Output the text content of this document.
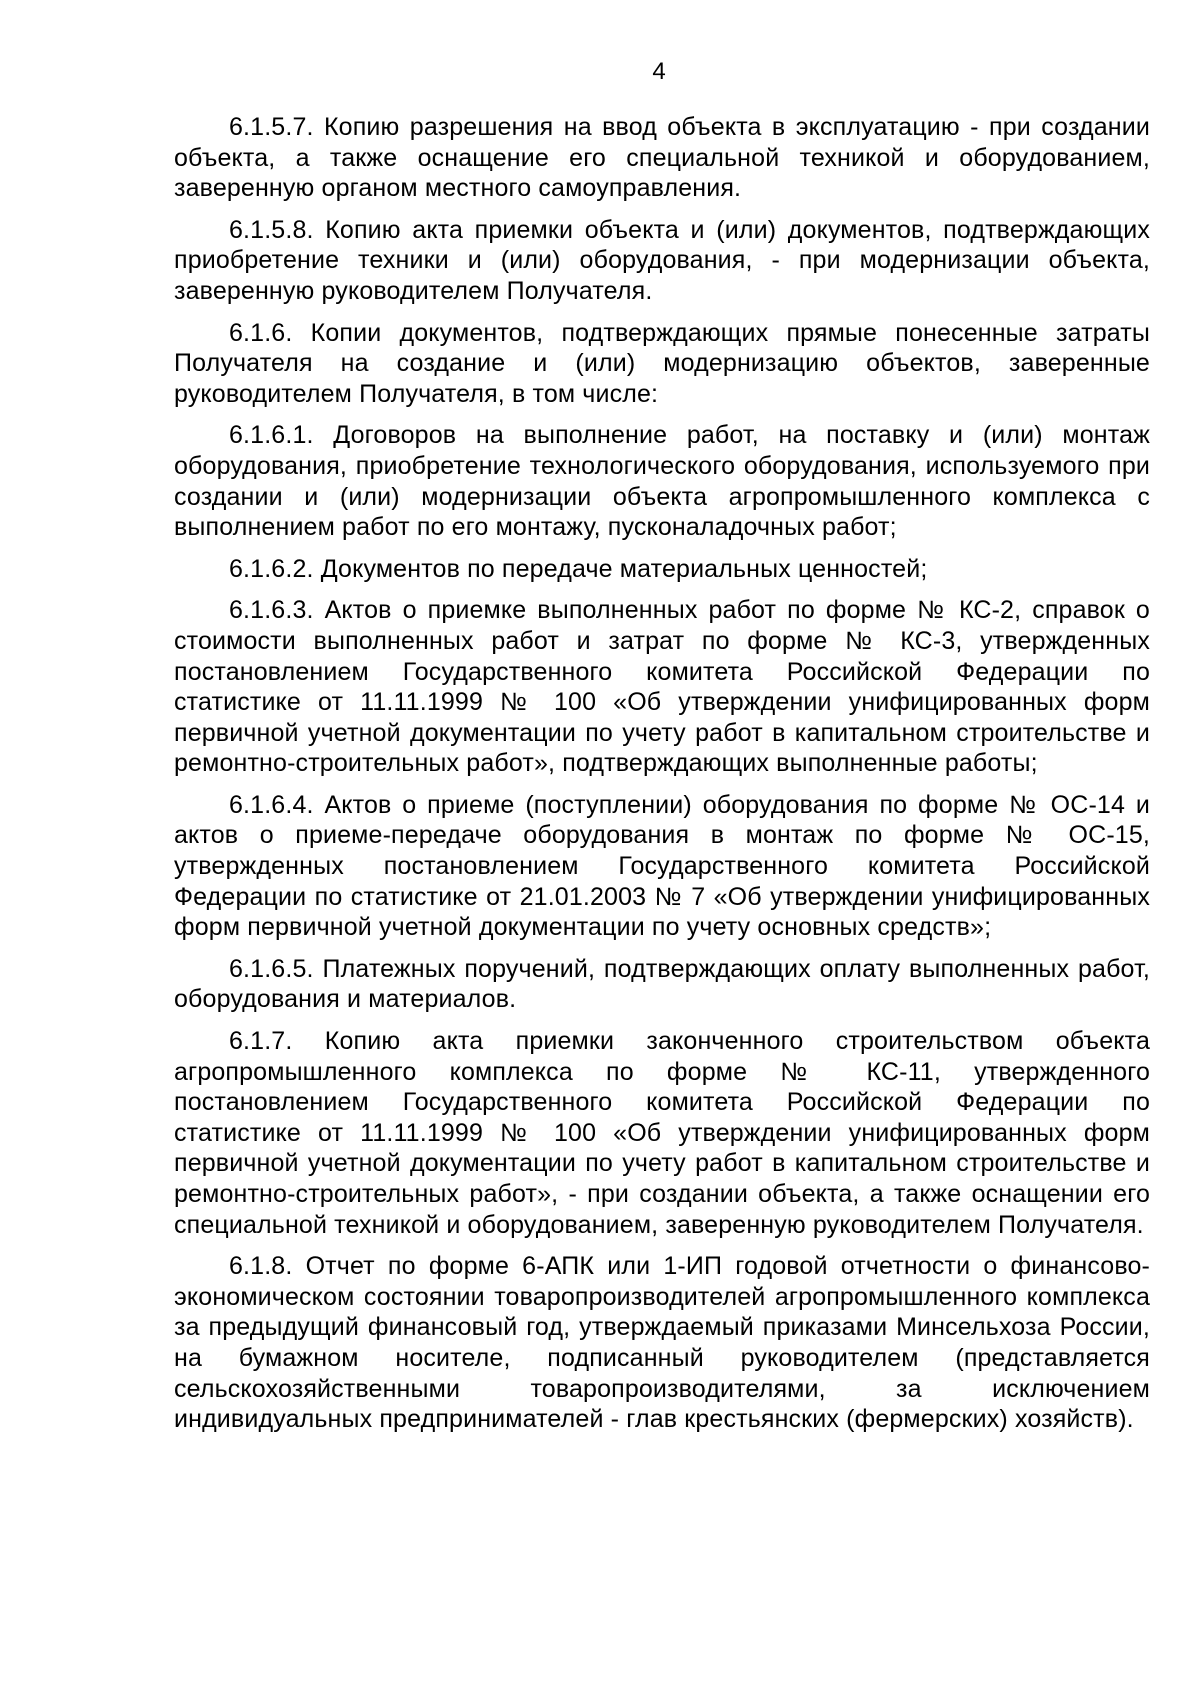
4

6.1.5.7. Копию разрешения на ввод объекта в эксплуатацию - при создании объекта, а также оснащение его специальной техникой и оборудованием, заверенную органом местного самоуправления.

6.1.5.8. Копию акта приемки объекта и (или) документов, подтверждающих приобретение техники и (или) оборудования, - при модернизации объекта, заверенную руководителем Получателя.

6.1.6. Копии документов, подтверждающих прямые понесенные затраты Получателя на создание и (или) модернизацию объектов, заверенные руководителем Получателя, в том числе:

6.1.6.1. Договоров на выполнение работ, на поставку и (или) монтаж оборудования, приобретение технологического оборудования, используемого при создании и (или) модернизации объекта агропромышленного комплекса с выполнением работ по его монтажу, пусконаладочных работ;

6.1.6.2. Документов по передаче материальных ценностей;

6.1.6.3. Актов о приемке выполненных работ по форме № КС-2, справок о стоимости выполненных работ и затрат по форме № КС-3, утвержденных постановлением Государственного комитета Российской Федерации по статистике от 11.11.1999 № 100 «Об утверждении унифицированных форм первичной учетной документации по учету работ в капитальном строительстве и ремонтно-строительных работ», подтверждающих выполненные работы;

6.1.6.4. Актов о приеме (поступлении) оборудования по форме № ОС-14 и актов о приеме-передаче оборудования в монтаж по форме № ОС-15, утвержденных постановлением Государственного комитета Российской Федерации по статистике от 21.01.2003 № 7 «Об утверждении унифицированных форм первичной учетной документации по учету основных средств»;

6.1.6.5. Платежных поручений, подтверждающих оплату выполненных работ, оборудования и материалов.

6.1.7. Копию акта приемки законченного строительством объекта агропромышленного комплекса по форме № КС-11, утвержденного постановлением Государственного комитета Российской Федерации по статистике от 11.11.1999 № 100 «Об утверждении унифицированных форм первичной учетной документации по учету работ в капитальном строительстве и ремонтно-строительных работ», - при создании объекта, а также оснащении его специальной техникой и оборудованием, заверенную руководителем Получателя.

6.1.8. Отчет по форме 6-АПК или 1-ИП годовой отчетности о финансово-экономическом состоянии товаропроизводителей агропромышленного комплекса за предыдущий финансовый год, утверждаемый приказами Минсельхоза России, на бумажном носителе, подписанный руководителем (представляется сельскохозяйственными товаропроизводителями, за исключением индивидуальных предпринимателей - глав крестьянских (фермерских) хозяйств).
